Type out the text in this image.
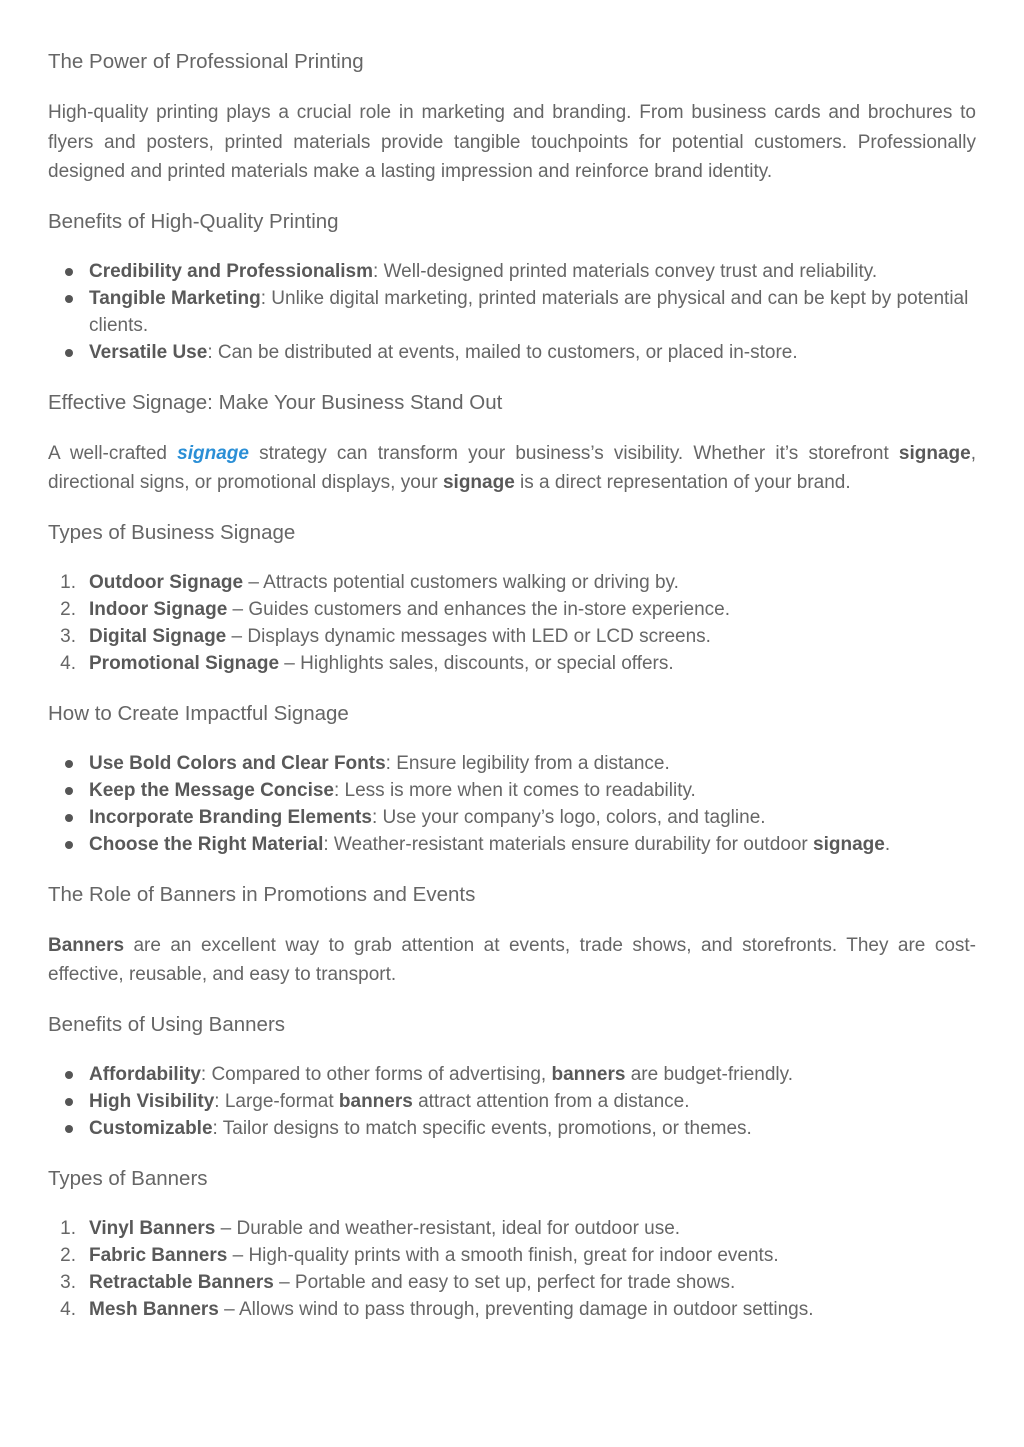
The Power of Professional Printing

High-quality printing plays a crucial role in marketing and branding. From business cards and brochures to flyers and posters, printed materials provide tangible touchpoints for potential customers. Professionally designed and printed materials make a lasting impression and reinforce brand identity.

Benefits of High-Quality Printing
Credibility and Professionalism: Well-designed printed materials convey trust and reliability.
Tangible Marketing: Unlike digital marketing, printed materials are physical and can be kept by potential clients.
Versatile Use: Can be distributed at events, mailed to customers, or placed in-store.
Effective Signage: Make Your Business Stand Out

A well-crafted signage strategy can transform your business’s visibility. Whether it’s storefront signage, directional signs, or promotional displays, your signage is a direct representation of your brand.

Types of Business Signage
1. Outdoor Signage – Attracts potential customers walking or driving by.
2. Indoor Signage – Guides customers and enhances the in-store experience.
3. Digital Signage – Displays dynamic messages with LED or LCD screens.
4. Promotional Signage – Highlights sales, discounts, or special offers.
How to Create Impactful Signage
Use Bold Colors and Clear Fonts: Ensure legibility from a distance.
Keep the Message Concise: Less is more when it comes to readability.
Incorporate Branding Elements: Use your company’s logo, colors, and tagline.
Choose the Right Material: Weather-resistant materials ensure durability for outdoor signage.
The Role of Banners in Promotions and Events

Banners are an excellent way to grab attention at events, trade shows, and storefronts. They are cost-effective, reusable, and easy to transport.

Benefits of Using Banners
Affordability: Compared to other forms of advertising, banners are budget-friendly.
High Visibility: Large-format banners attract attention from a distance.
Customizable: Tailor designs to match specific events, promotions, or themes.
Types of Banners
1. Vinyl Banners – Durable and weather-resistant, ideal for outdoor use.
2. Fabric Banners – High-quality prints with a smooth finish, great for indoor events.
3. Retractable Banners – Portable and easy to set up, perfect for trade shows.
4. Mesh Banners – Allows wind to pass through, preventing damage in outdoor settings.
